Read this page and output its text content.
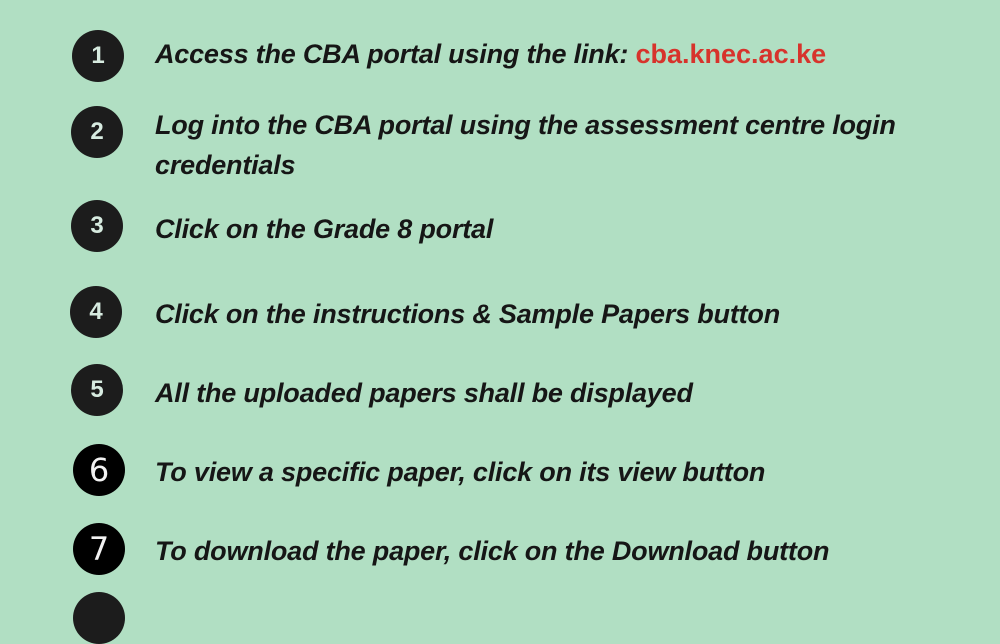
1	Access the CBA portal using the link: cba.knec.ac.ke
2	Log into the CBA portal using the assessment centre login credentials
3	Click on the Grade 8 portal
4	Click on the instructions & Sample Papers button
5	All the uploaded papers shall be displayed
6	To view a specific paper, click on its view button
7	To download the paper, click on the Download button
